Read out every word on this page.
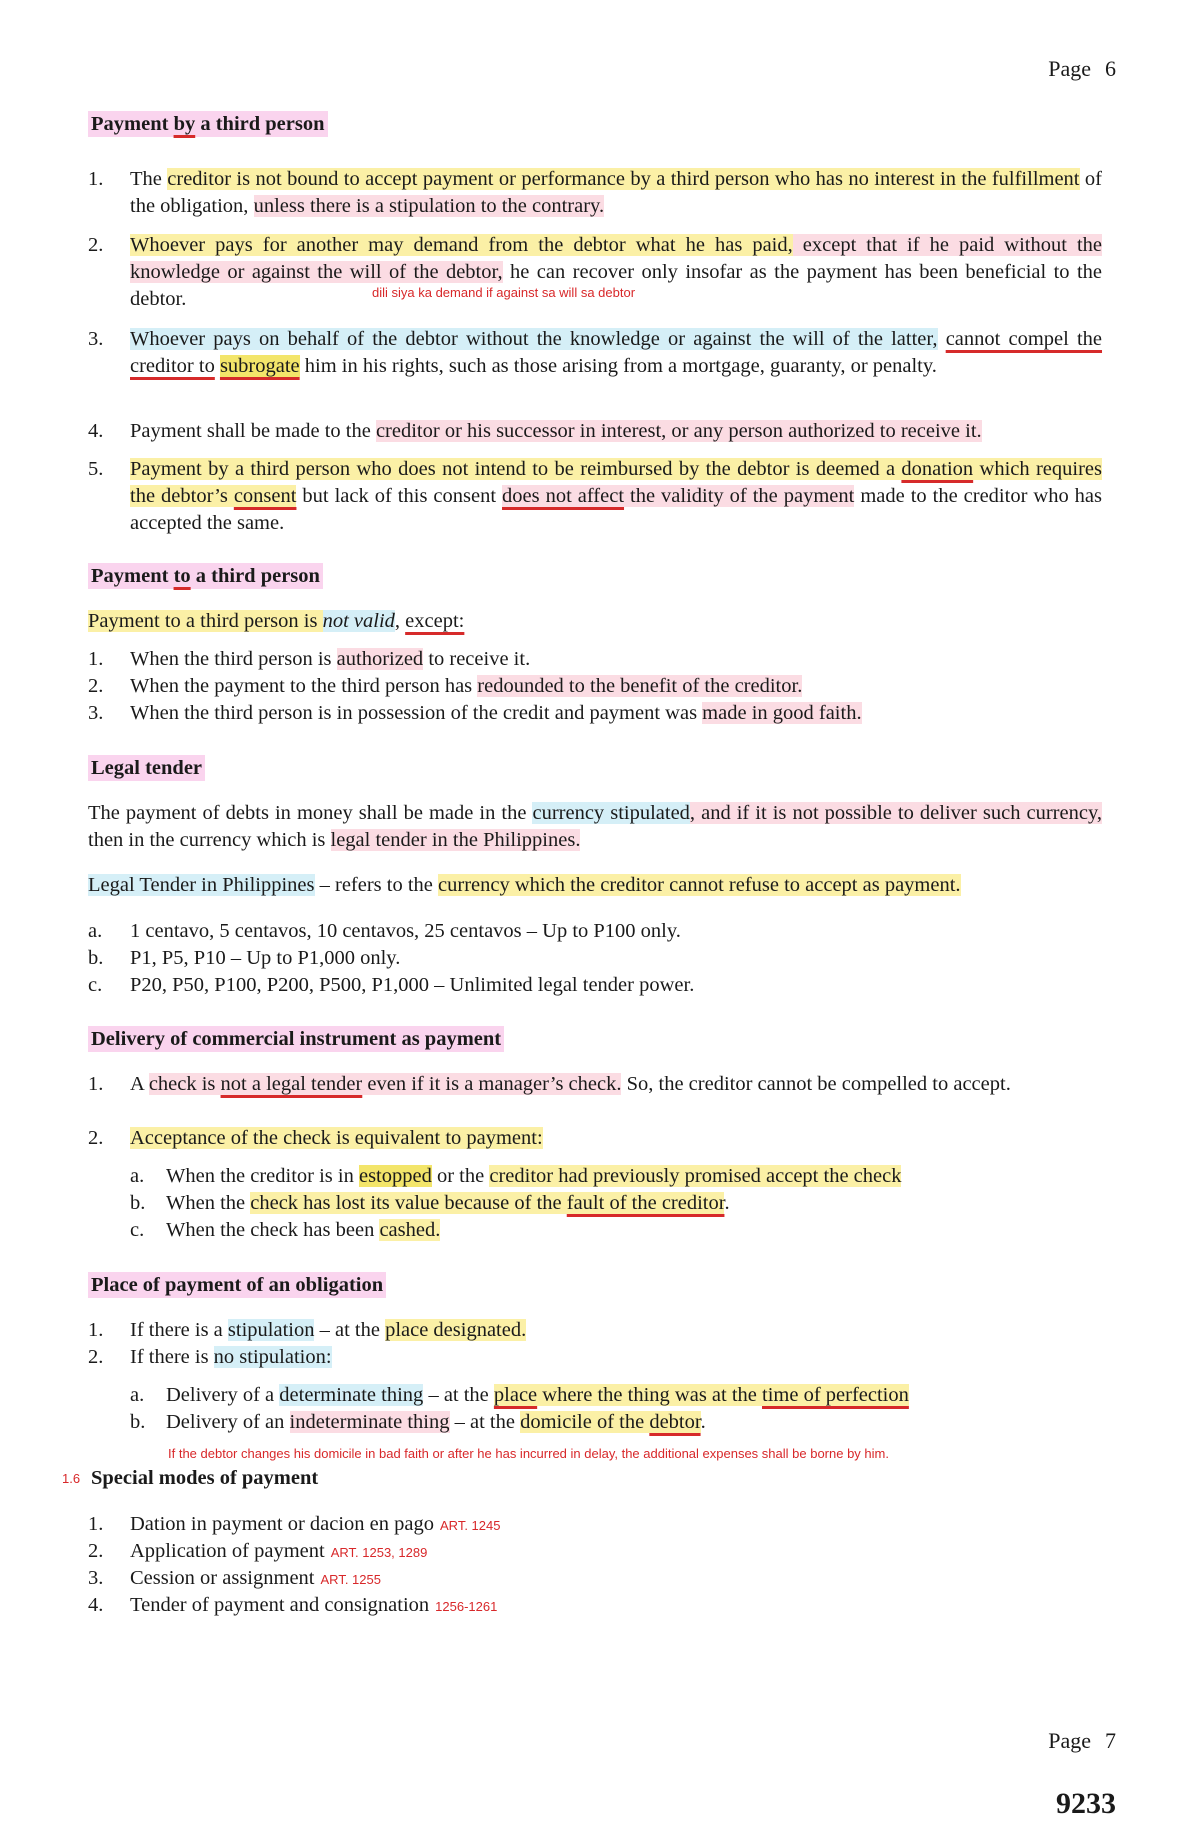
Page 6
Payment by a third person
1.	The creditor is not bound to accept payment or performance by a third person who has no interest in the fulfillment of the obligation, unless there is a stipulation to the contrary.
2.	Whoever pays for another may demand from the debtor what he has paid, except that if he paid without the knowledge or against the will of the debtor, he can recover only insofar as the payment has been beneficial to the debtor.	dili siya ka demand if against sa will sa debtor
3.	Whoever pays on behalf of the debtor without the knowledge or against the will of the latter, cannot compel the creditor to subrogate him in his rights, such as those arising from a mortgage, guaranty, or penalty.
4.	Payment shall be made to the creditor or his successor in interest, or any person authorized to receive it.
5.	Payment by a third person who does not intend to be reimbursed by the debtor is deemed a donation which requires the debtor’s consent but lack of this consent does not affect the validity of the payment made to the creditor who has accepted the same.
Payment to a third person
Payment to a third person is not valid, except:
1.	When the third person is authorized to receive it.
2.	When the payment to the third person has redounded to the benefit of the creditor.
3.	When the third person is in possession of the credit and payment was made in good faith.
Legal tender
The payment of debts in money shall be made in the currency stipulated, and if it is not possible to deliver such currency, then in the currency which is legal tender in the Philippines.
Legal Tender in Philippines – refers to the currency which the creditor cannot refuse to accept as payment.
a.	1 centavo, 5 centavos, 10 centavos, 25 centavos – Up to P100 only.
b.	P1, P5, P10 – Up to P1,000 only.
c.	P20, P50, P100, P200, P500, P1,000 – Unlimited legal tender power.
Delivery of commercial instrument as payment
1.	A check is not a legal tender even if it is a manager’s check. So, the creditor cannot be compelled to accept.
2.	Acceptance of the check is equivalent to payment:
a.	When the creditor is in estopped or the creditor had previously promised accept the check
b.	When the check has lost its value because of the fault of the creditor.
c.	When the check has been cashed.
Place of payment of an obligation
1.	If there is a stipulation – at the place designated.
2.	If there is no stipulation:
a.	Delivery of a determinate thing – at the place where the thing was at the time of perfection
b.	Delivery of an indeterminate thing – at the domicile of the debtor.
If the debtor changes his domicile in bad faith or after he has incurred in delay, the additional expenses shall be borne by him.
1.6 Special modes of payment
1.	Dation in payment or dacion en pago ART. 1245
2.	Application of payment ART. 1253, 1289
3.	Cession or assignment ART. 1255
4.	Tender of payment and consignation 1256-1261
Page 7
9233
